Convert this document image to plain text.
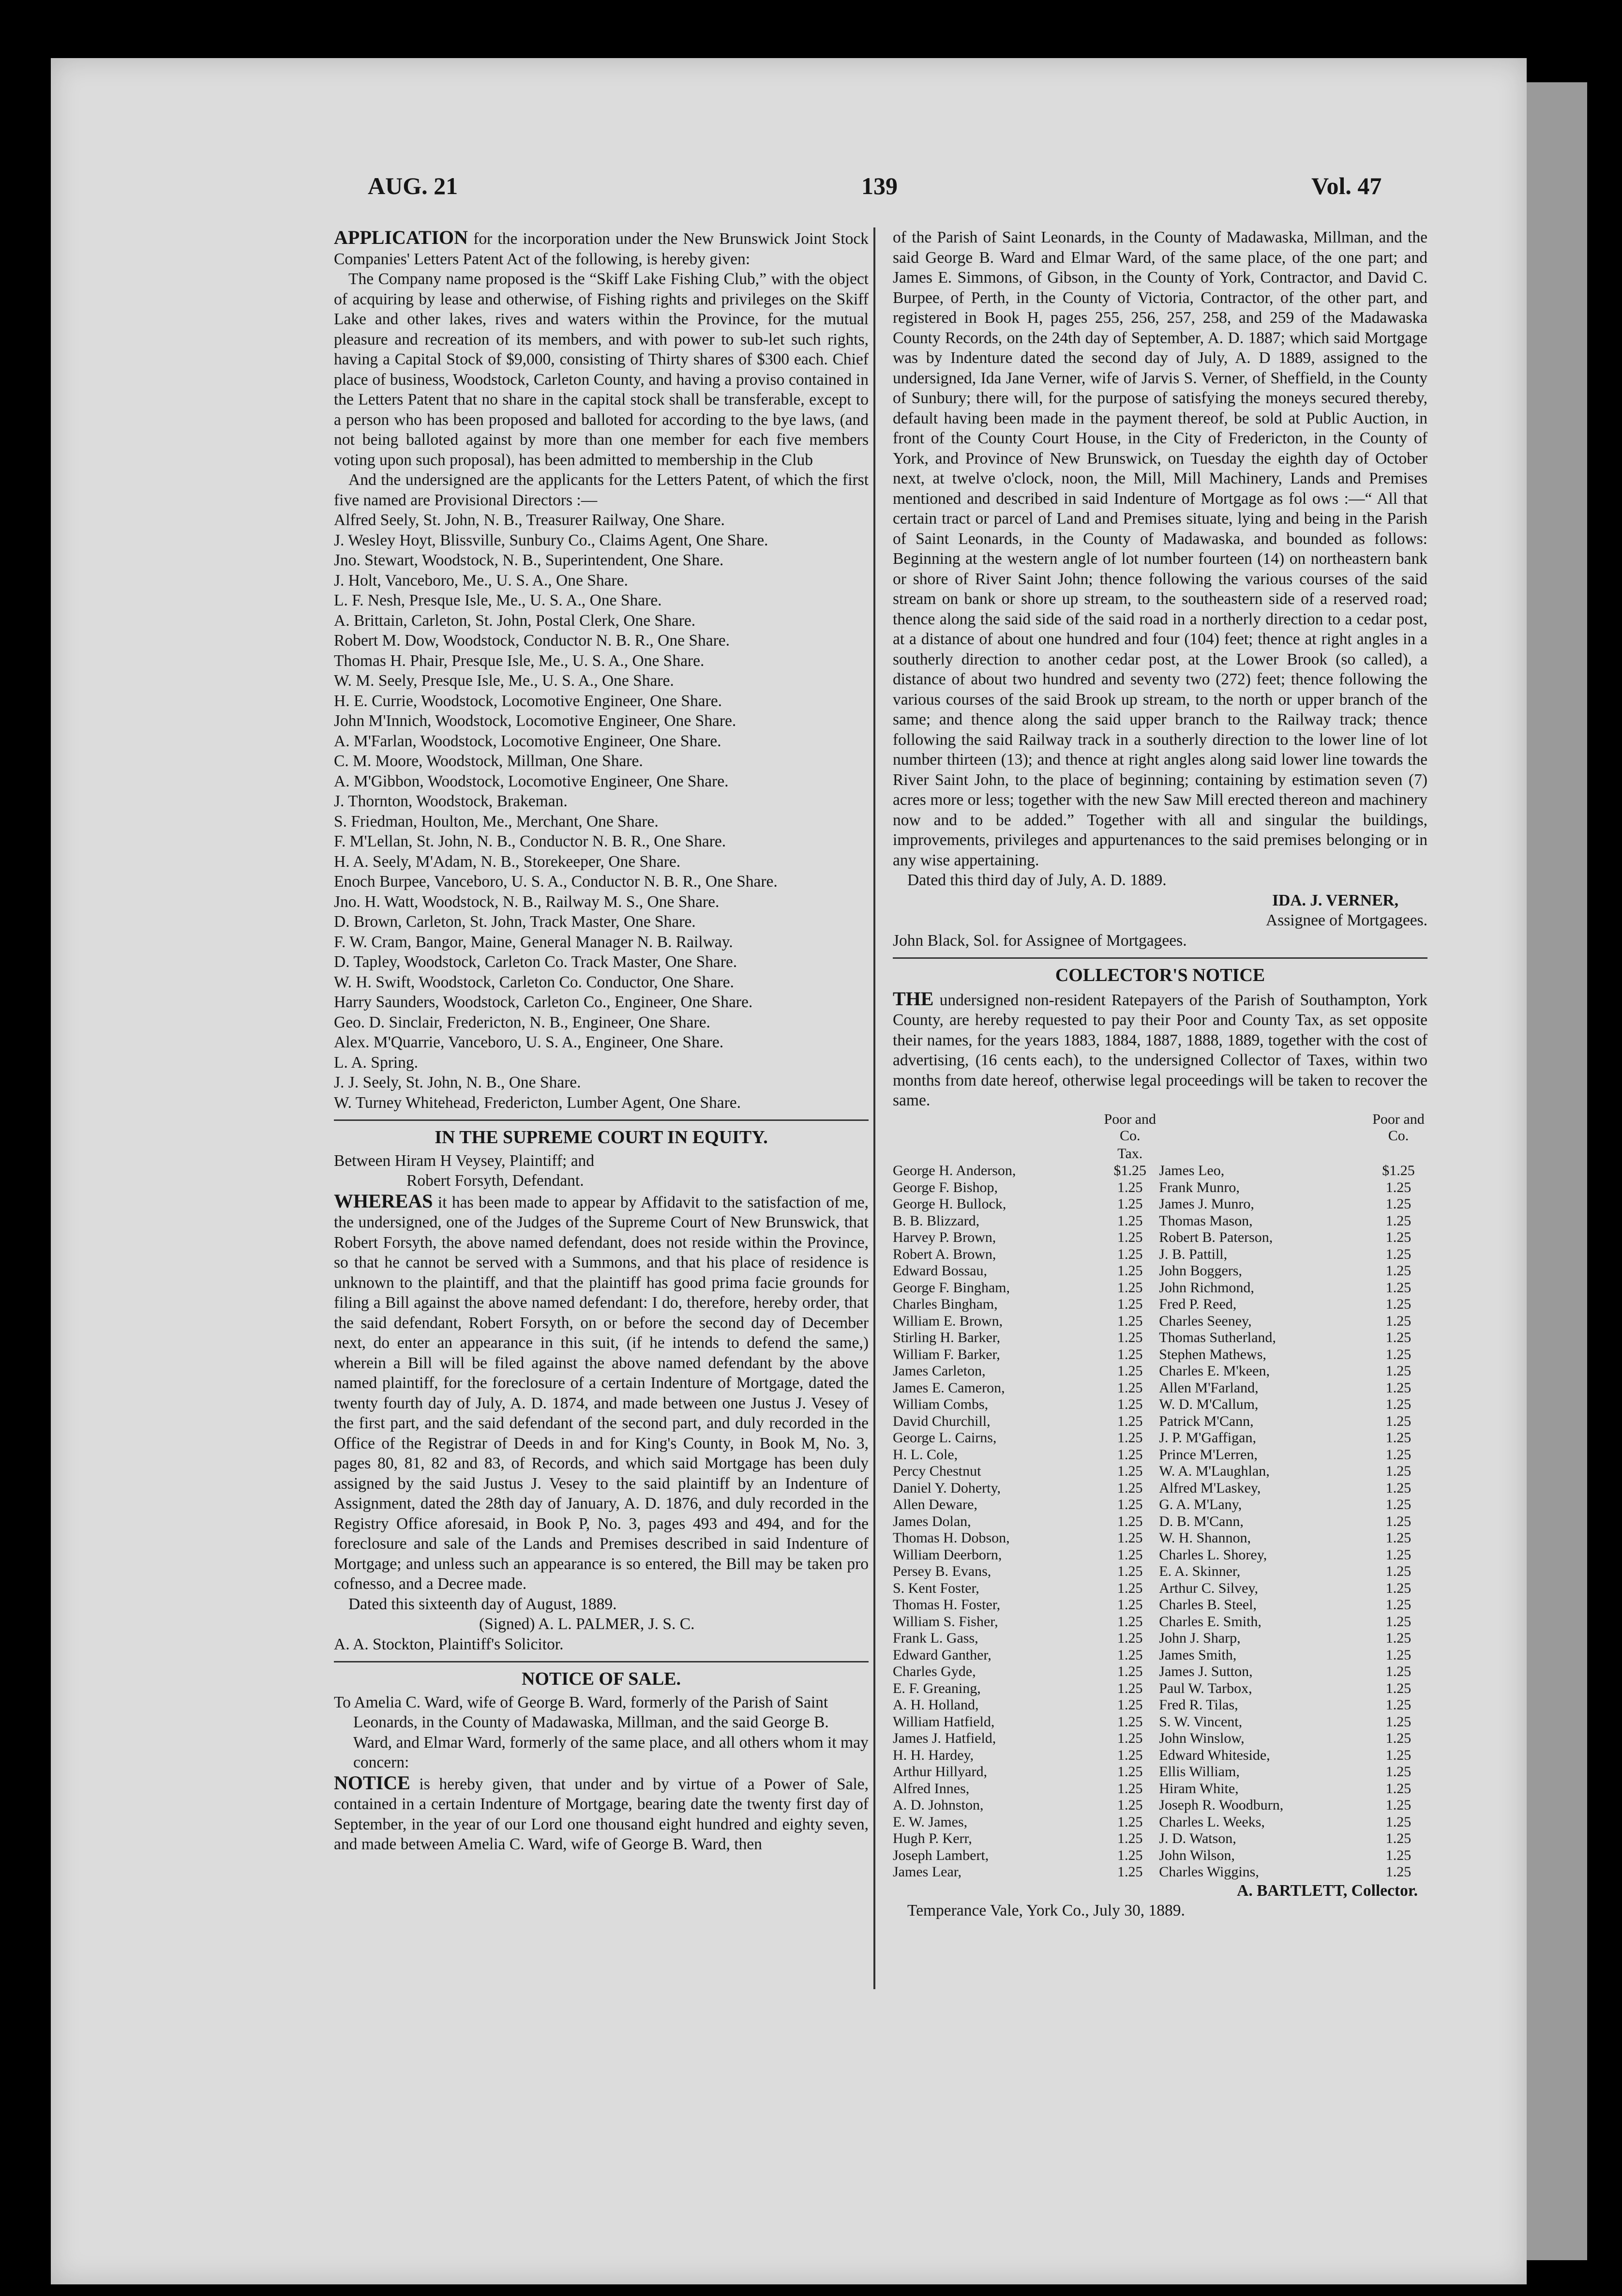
AUG. 21	139	Vol. 47

APPLICATION for the incorporation under the New Brunswick Joint Stock Companies' Letters Patent Act of the following, is hereby given:

The Company name proposed is the “Skiff Lake Fishing Club,” with the object of acquiring by lease and otherwise, of Fishing rights and privileges on the Skiff Lake and other lakes, rives and waters within the Province, for the mutual pleasure and recreation of its members, and with power to sub-let such rights, having a Capital Stock of $9,000, consisting of Thirty shares of $300 each. Chief place of business, Woodstock, Carleton County, and having a proviso contained in the Letters Patent that no share in the capital stock shall be transferable, except to a person who has been proposed and balloted for according to the bye laws, (and not being balloted against by more than one member for each five members voting upon such proposal), has been admitted to membership in the Club

And the undersigned are the applicants for the Letters Patent, of which the first five named are Provisional Directors :—

Alfred Seely, St. John, N. B., Treasurer Railway, One Share.

J. Wesley Hoyt, Blissville, Sunbury Co., Claims Agent, One Share.

Jno. Stewart, Woodstock, N. B., Superintendent, One Share.

J. Holt, Vanceboro, Me., U. S. A., One Share.

L. F. Nesh, Presque Isle, Me., U. S. A., One Share.

A. Brittain, Carleton, St. John, Postal Clerk, One Share.

Robert M. Dow, Woodstock, Conductor N. B. R., One Share.

Thomas H. Phair, Presque Isle, Me., U. S. A., One Share.

W. M. Seely, Presque Isle, Me., U. S. A., One Share.

H. E. Currie, Woodstock, Locomotive Engineer, One Share.

John M'Innich, Woodstock, Locomotive Engineer, One Share.

A. M'Farlan, Woodstock, Locomotive Engineer, One Share.

C. M. Moore, Woodstock, Millman, One Share.

A. M'Gibbon, Woodstock, Locomotive Engineer, One Share.

J. Thornton, Woodstock, Brakeman.

S. Friedman, Houlton, Me., Merchant, One Share.

F. M'Lellan, St. John, N. B., Conductor N. B. R., One Share.

H. A. Seely, M'Adam, N. B., Storekeeper, One Share.

Enoch Burpee, Vanceboro, U. S. A., Conductor N. B. R., One Share.

Jno. H. Watt, Woodstock, N. B., Railway M. S., One Share.

D. Brown, Carleton, St. John, Track Master, One Share.

F. W. Cram, Bangor, Maine, General Manager N. B. Railway.

D. Tapley, Woodstock, Carleton Co. Track Master, One Share.

W. H. Swift, Woodstock, Carleton Co. Conductor, One Share.

Harry Saunders, Woodstock, Carleton Co., Engineer, One Share.

Geo. D. Sinclair, Fredericton, N. B., Engineer, One Share.

Alex. M'Quarrie, Vanceboro, U. S. A., Engineer, One Share.

L. A. Spring.

J. J. Seely, St. John, N. B., One Share.

W. Turney Whitehead, Fredericton, Lumber Agent, One Share.

IN THE SUPREME COURT IN EQUITY.

Between Hiram H Veysey, Plaintiff; and

Robert Forsyth, Defendant.

WHEREAS it has been made to appear by Affidavit to the satisfaction of me, the undersigned, one of the Judges of the Supreme Court of New Brunswick, that Robert Forsyth, the above named defendant, does not reside within the Province, so that he cannot be served with a Summons, and that his place of residence is unknown to the plaintiff, and that the plaintiff has good prima facie grounds for filing a Bill against the above named defendant: I do, therefore, hereby order, that the said defendant, Robert Forsyth, on or before the second day of December next, do enter an appearance in this suit, (if he intends to defend the same,) wherein a Bill will be filed against the above named defendant by the above named plaintiff, for the foreclosure of a certain Indenture of Mortgage, dated the twenty fourth day of July, A. D. 1874, and made between one Justus J. Vesey of the first part, and the said defendant of the second part, and duly recorded in the Office of the Registrar of Deeds in and for King's County, in Book M, No. 3, pages 80, 81, 82 and 83, of Records, and which said Mortgage has been duly assigned by the said Justus J. Vesey to the said plaintiff by an Indenture of Assignment, dated the 28th day of January, A. D. 1876, and duly recorded in the Registry Office aforesaid, in Book P, No. 3, pages 493 and 494, and for the foreclosure and sale of the Lands and Premises described in said Indenture of Mortgage; and unless such an appearance is so entered, the Bill may be taken pro cofnesso, and a Decree made.

Dated this sixteenth day of August, 1889.

(Signed) A. L. PALMER, J. S. C.

A. A. Stockton, Plaintiff's Solicitor.

NOTICE OF SALE.

To Amelia C. Ward, wife of George B. Ward, formerly of the Parish of Saint Leonards, in the County of Madawaska, Millman, and the said George B. Ward, and Elmar Ward, formerly of the same place, and all others whom it may concern:

NOTICE is hereby given, that under and by virtue of a Power of Sale, contained in a certain Indenture of Mortgage, bearing date the twenty first day of September, in the year of our Lord one thousand eight hundred and eighty seven, and made between Amelia C. Ward, wife of George B. Ward, then

of the Parish of Saint Leonards, in the County of Madawaska, Millman, and the said George B. Ward and Elmar Ward, of the same place, of the one part; and James E. Simmons, of Gibson, in the County of York, Contractor, and David C. Burpee, of Perth, in the County of Victoria, Contractor, of the other part, and registered in Book H, pages 255, 256, 257, 258, and 259 of the Madawaska County Records, on the 24th day of September, A. D. 1887; which said Mortgage was by Indenture dated the second day of July, A. D 1889, assigned to the undersigned, Ida Jane Verner, wife of Jarvis S. Verner, of Sheffield, in the County of Sunbury; there will, for the purpose of satisfying the moneys secured thereby, default having been made in the payment thereof, be sold at Public Auction, in front of the County Court House, in the City of Fredericton, in the County of York, and Province of New Brunswick, on Tuesday the eighth day of October next, at twelve o'clock, noon, the Mill, Mill Machinery, Lands and Premises mentioned and described in said Indenture of Mortgage as fol ows :—“ All that certain tract or parcel of Land and Premises situate, lying and being in the Parish of Saint Leonards, in the County of Madawaska, and bounded as follows: Beginning at the western angle of lot number fourteen (14) on northeastern bank or shore of River Saint John; thence following the various courses of the said stream on bank or shore up stream, to the southeastern side of a reserved road; thence along the said side of the said road in a northerly direction to a cedar post, at a distance of about one hundred and four (104) feet; thence at right angles in a southerly direction to another cedar post, at the Lower Brook (so called), a distance of about two hundred and seventy two (272) feet; thence following the various courses of the said Brook up stream, to the north or upper branch of the same; and thence along the said upper branch to the Railway track; thence following the said Railway track in a southerly direction to the lower line of lot number thirteen (13); and thence at right angles along said lower line towards the River Saint John, to the place of beginning; containing by estimation seven (7) acres more or less; together with the new Saw Mill erected thereon and machinery now and to be added.” Together with all and singular the buildings, improvements, privileges and appurtenances to the said premises belonging or in any wise appertaining.

Dated this third day of July, A. D. 1889.

IDA. J. VERNER,

Assignee of Mortgagees.

John Black, Sol. for Assignee of Mortgagees.

COLLECTOR'S NOTICE

THE undersigned non-resident Ratepayers of the Parish of Southampton, York County, are hereby requested to pay their Poor and County Tax, as set opposite their names, for the years 1883, 1884, 1887, 1888, 1889, together with the cost of advertising, (16 cents each), to the undersigned Collector of Taxes, within two months from date hereof, otherwise legal proceedings will be taken to recover the same.

	Poor and Co.		Poor and Co.
	Tax.		
George H. Anderson,	$1.25	James Leo,	$1.25
George F. Bishop,	1.25	Frank Munro,	1.25
George H. Bullock,	1.25	James J. Munro,	1.25
B. B. Blizzard,	1.25	Thomas Mason,	1.25
Harvey P. Brown,	1.25	Robert B. Paterson,	1.25
Robert A. Brown,	1.25	J. B. Pattill,	1.25
Edward Bossau,	1.25	John Boggers,	1.25
George F. Bingham,	1.25	John Richmond,	1.25
Charles Bingham,	1.25	Fred P. Reed,	1.25
William E. Brown,	1.25	Charles Seeney,	1.25
Stirling H. Barker,	1.25	Thomas Sutherland,	1.25
William F. Barker,	1.25	Stephen Mathews,	1.25
James Carleton,	1.25	Charles E. M'keen,	1.25
James E. Cameron,	1.25	Allen M'Farland,	1.25
William Combs,	1.25	W. D. M'Callum,	1.25
David Churchill,	1.25	Patrick M'Cann,	1.25
George L. Cairns,	1.25	J. P. M'Gaffigan,	1.25
H. L. Cole,	1.25	Prince M'Lerren,	1.25
Percy Chestnut	1.25	W. A. M'Laughlan,	1.25
Daniel Y. Doherty,	1.25	Alfred M'Laskey,	1.25
Allen Deware,	1.25	G. A. M'Lany,	1.25
James Dolan,	1.25	D. B. M'Cann,	1.25
Thomas H. Dobson,	1.25	W. H. Shannon,	1.25
William Deerborn,	1.25	Charles L. Shorey,	1.25
Persey B. Evans,	1.25	E. A. Skinner,	1.25
S. Kent Foster,	1.25	Arthur C. Silvey,	1.25
Thomas H. Foster,	1.25	Charles B. Steel,	1.25
William S. Fisher,	1.25	Charles E. Smith,	1.25
Frank L. Gass,	1.25	John J. Sharp,	1.25
Edward Ganther,	1.25	James Smith,	1.25
Charles Gyde,	1.25	James J. Sutton,	1.25
E. F. Greaning,	1.25	Paul W. Tarbox,	1.25
A. H. Holland,	1.25	Fred R. Tilas,	1.25
William Hatfield,	1.25	S. W. Vincent,	1.25
James J. Hatfield,	1.25	John Winslow,	1.25
H. H. Hardey,	1.25	Edward Whiteside,	1.25
Arthur Hillyard,	1.25	Ellis William,	1.25
Alfred Innes,	1.25	Hiram White,	1.25
A. D. Johnston,	1.25	Joseph R. Woodburn,	1.25
E. W. James,	1.25	Charles L. Weeks,	1.25
Hugh P. Kerr,	1.25	J. D. Watson,	1.25
Joseph Lambert,	1.25	John Wilson,	1.25
James Lear,	1.25	Charles Wiggins,	1.25

A. BARTLETT, Collector.

Temperance Vale, York Co., July 30, 1889.
